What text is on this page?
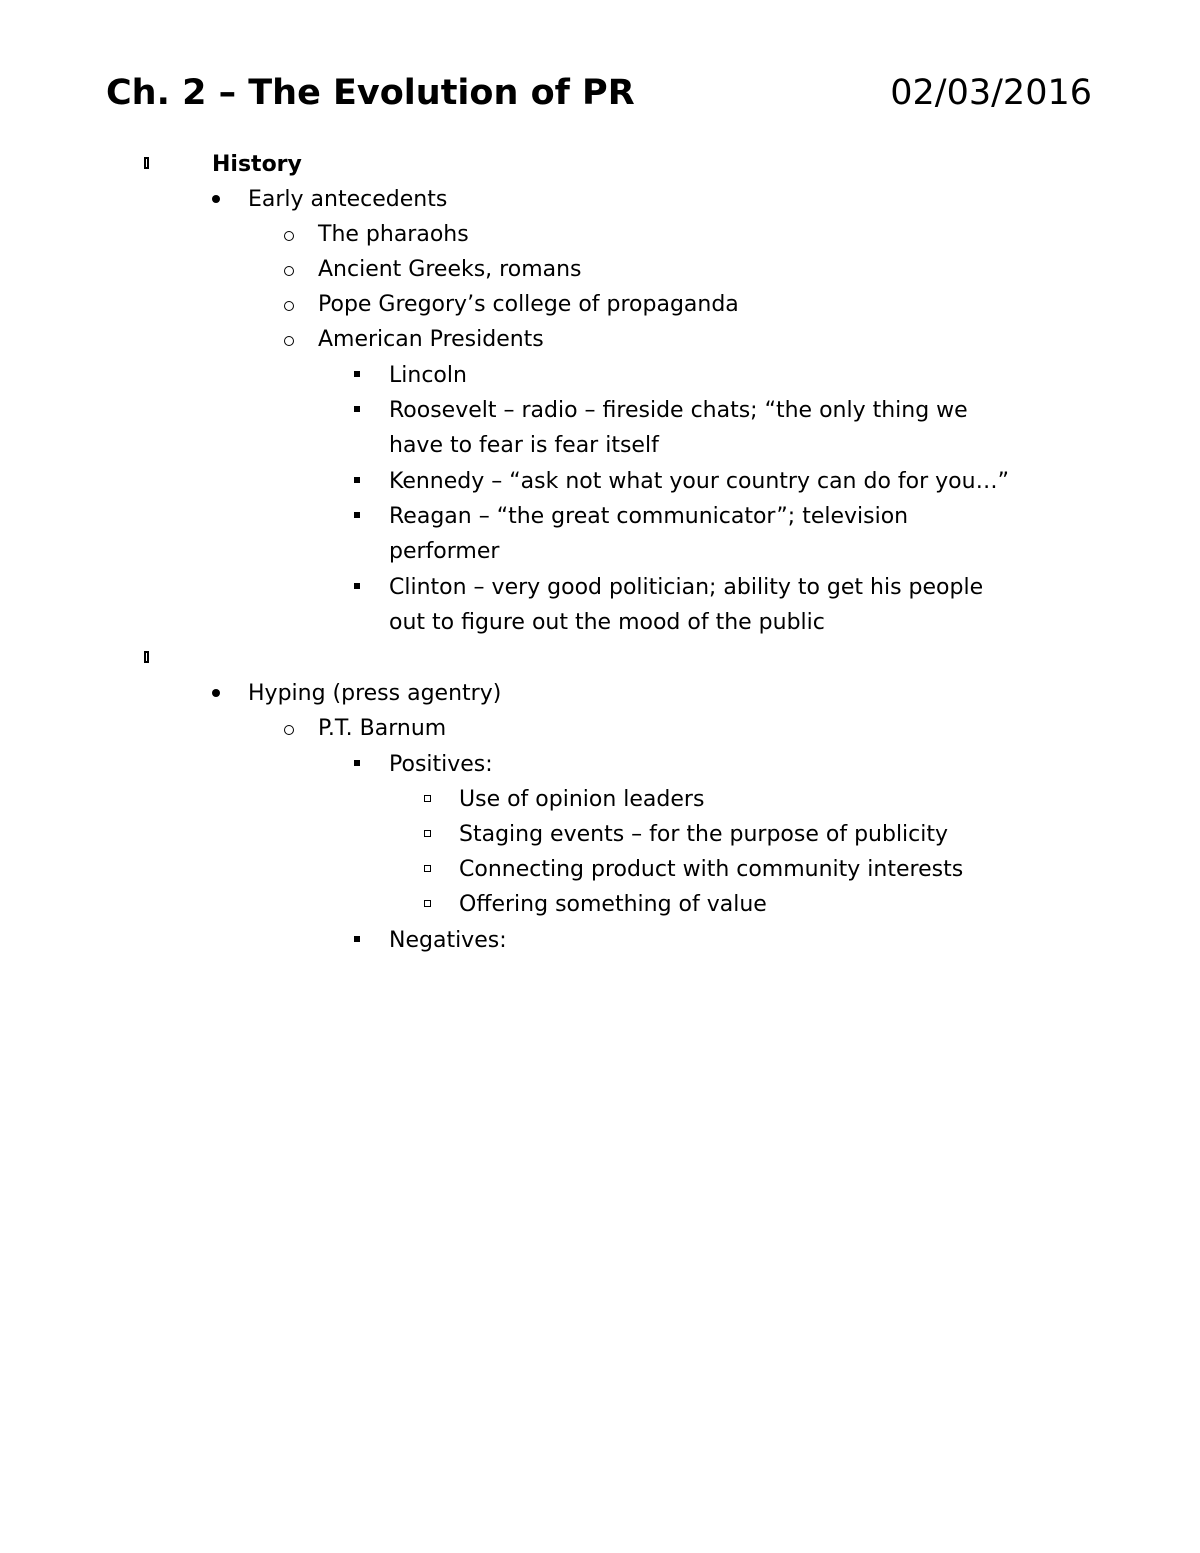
Ch. 2 – The Evolution of PR	02/03/2016
History
Early antecedents
The pharaohs
Ancient Greeks, romans
Pope Gregory’s college of propaganda
American Presidents
Lincoln
Roosevelt – radio – fireside chats; “the only thing we
have to fear is fear itself
Kennedy – “ask not what your country can do for you…”
Reagan – “the great communicator”; television
performer
Clinton – very good politician; ability to get his people
out to figure out the mood of the public
Hyping (press agentry)
P.T. Barnum
Positives:
Use of opinion leaders
Staging events – for the purpose of publicity
Connecting product with community interests
Offering something of value
Negatives:
